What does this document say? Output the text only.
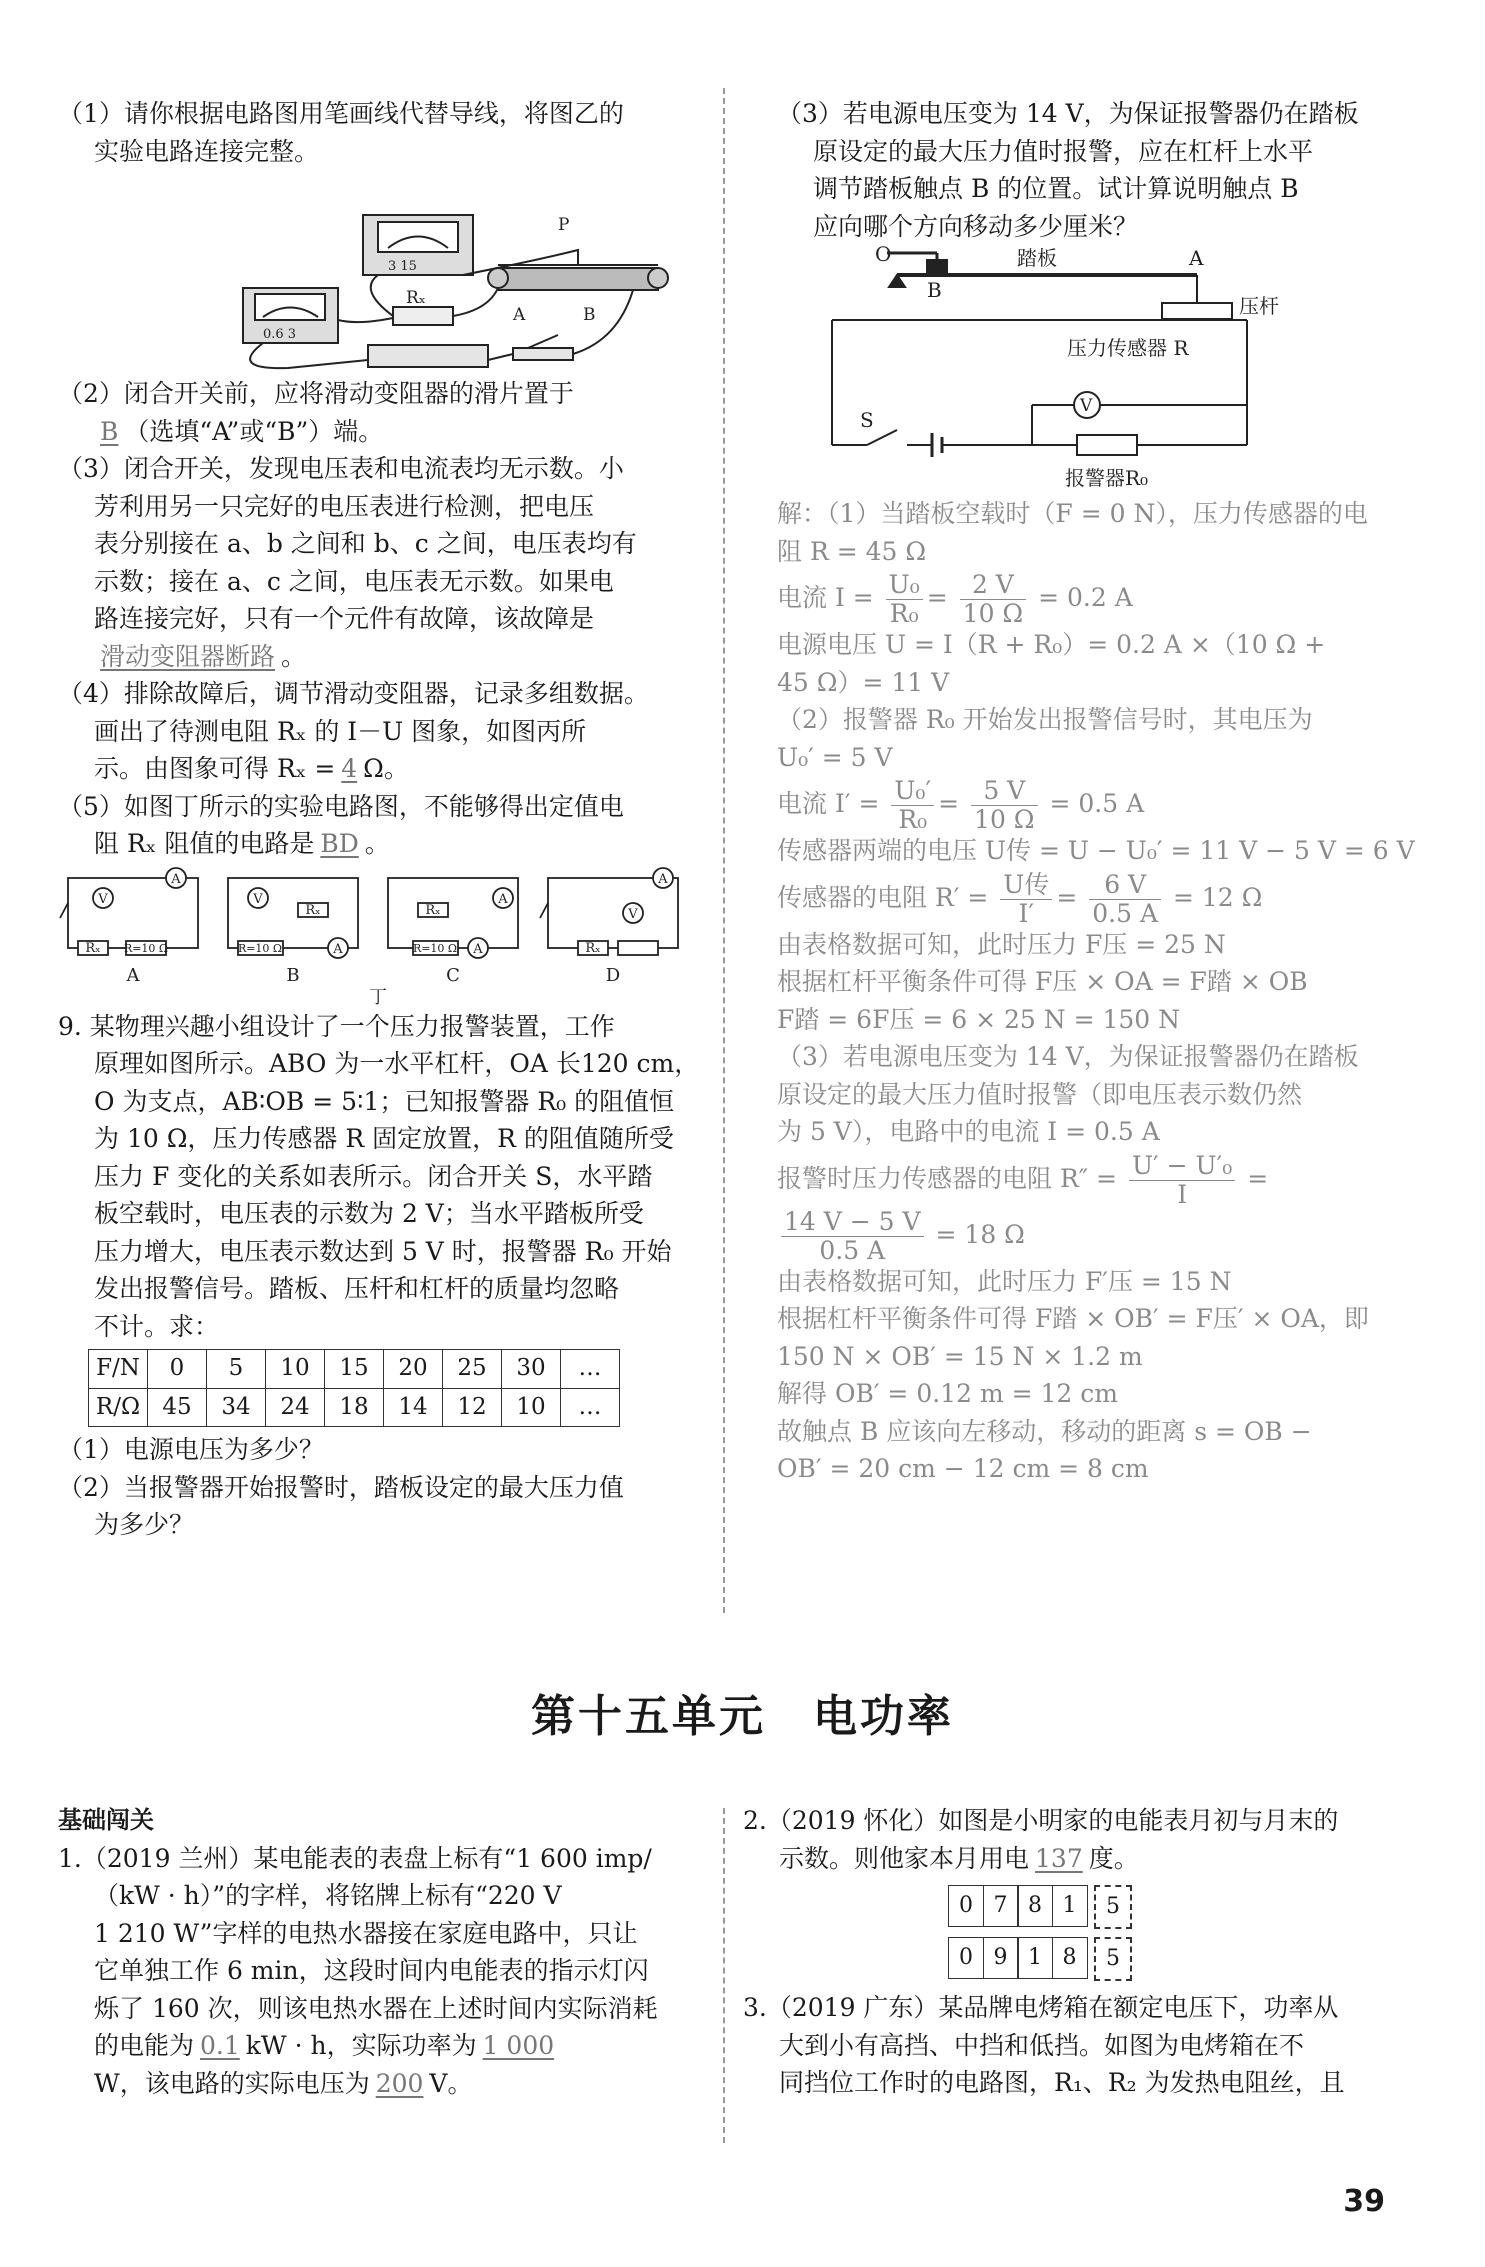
（1）请你根据电路图用笔画线代替导线，将图乙的
实验电路连接完整。
P
A	B
Rₓ
3 15
0.6 3
（2）闭合开关前，应将滑动变阻器的滑片置于
B （选填“A”或“B”）端。
（3）闭合开关，发现电压表和电流表均无示数。小
芳利用另一只完好的电压表进行检测，把电压
表分别接在 a、b 之间和 b、c 之间，电压表均有
示数；接在 a、c 之间，电压表无示数。如果电
路连接完好，只有一个元件有故障，该故障是
滑动变阻器断路 。
（4）排除故障后，调节滑动变阻器，记录多组数据。
画出了待测电阻 Rₓ 的 I－U 图象，如图丙所
示。由图象可得 Rₓ = 4 Ω。
（5）如图丁所示的实验电路图，不能够得出定值电
阻 Rₓ 阻值的电路是 BD 。
V
A
Rₓ R=10 Ω
V
A
Rₓ
R=10 Ω
A
A
Rₓ
R=10 Ω
A
V
Rₓ
A	B	C	D
丁
9. 某物理兴趣小组设计了一个压力报警装置，工作
原理如图所示。ABO 为一水平杠杆，OA 长120 cm，
O 为支点，AB∶OB = 5∶1；已知报警器 R₀ 的阻值恒
为 10 Ω，压力传感器 R 固定放置，R 的阻值随所受
压力 F 变化的关系如表所示。闭合开关 S，水平踏
板空载时，电压表的示数为 2 V；当水平踏板所受
压力增大，电压表示数达到 5 V 时，报警器 R₀ 开始
发出报警信号。踏板、压杆和杠杆的质量均忽略
不计。求：
F/N	0	5	10	15	20	25	30	…
R/Ω	45	34	24	18	14	12	10	…
（1）电源电压为多少？
（2）当报警器开始报警时，踏板设定的最大压力值
为多少？
（3）若电源电压变为 14 V，为保证报警器仍在踏板
原设定的最大压力值时报警，应在杠杆上水平
调节踏板触点 B 的位置。试计算说明触点 B
应向哪个方向移动多少厘米？
O	踏板	A
B
压杆
压力传感器 R
S
V
报警器R₀
解：（1）当踏板空载时（F = 0 N），压力传感器的电
阻 R = 45 Ω
电流 $I = \frac{\text{U₀}}{\text{R₀}} = \frac{2 V}{10 \Omega} = 0.2$ A
电源电压 U = I（R + R₀）= 0.2 A ×（10 Ω +
45 Ω）= 11 V
（2）报警器 R₀ 开始发出报警信号时，其电压为
U₀′ = 5 V
电流 $I' = \frac{\text{U₀′}}{\text{R₀}} = \frac{5 V}{10 \Omega} = 0.5$ A
传感器两端的电压 U传 = U − U₀′ = 11 V − 5 V = 6 V
传感器的电阻 $R' = \frac{\text{U传}}{I'} = \frac{6 V}{0.5 A} = 12$ Ω
由表格数据可知，此时压力 F压 = 25 N
根据杠杆平衡条件可得 F压 × OA = F踏 × OB
F踏 = 6F压 = 6 × 25 N = 150 N
（3）若电源电压变为 14 V，为保证报警器仍在踏板
原设定的最大压力值时报警（即电压表示数仍然
为 5 V），电路中的电流 I = 0.5 A
报警时压力传感器的电阻 $R'' = \frac{\text{U′ − U′₀}}{I}$ =
$\frac{14 V - 5 V}{0.5 A} = 18$ Ω
由表格数据可知，此时压力 F′压 = 15 N
根据杠杆平衡条件可得 F踏 × OB′ = F压′ × OA，即
150 N × OB′ = 15 N × 1.2 m
解得 OB′ = 0.12 m = 12 cm
故触点 B 应该向左移动，移动的距离 s = OB −
OB′ = 20 cm − 12 cm = 8 cm
第十五单元　电功率
基础闯关
1.（2019 兰州）某电能表的表盘上标有“1 600 imp/
（kW · h）”的字样，将铭牌上标有“220 V
1 210 W”字样的电热水器接在家庭电路中，只让
它单独工作 6 min，这段时间内电能表的指示灯闪
烁了 160 次，则该电热水器在上述时间内实际消耗
的电能为 0.1 kW · h，实际功率为 1 000
W，该电路的实际电压为 200 V。
2.（2019 怀化）如图是小明家的电能表月初与月末的
示数。则他家本月用电 137 度。
0 7 8 1	5
0 9 1 8	5
3.（2019 广东）某品牌电烤箱在额定电压下，功率从
大到小有高挡、中挡和低挡。如图为电烤箱在不
同挡位工作时的电路图，R₁、R₂ 为发热电阻丝，且
39
